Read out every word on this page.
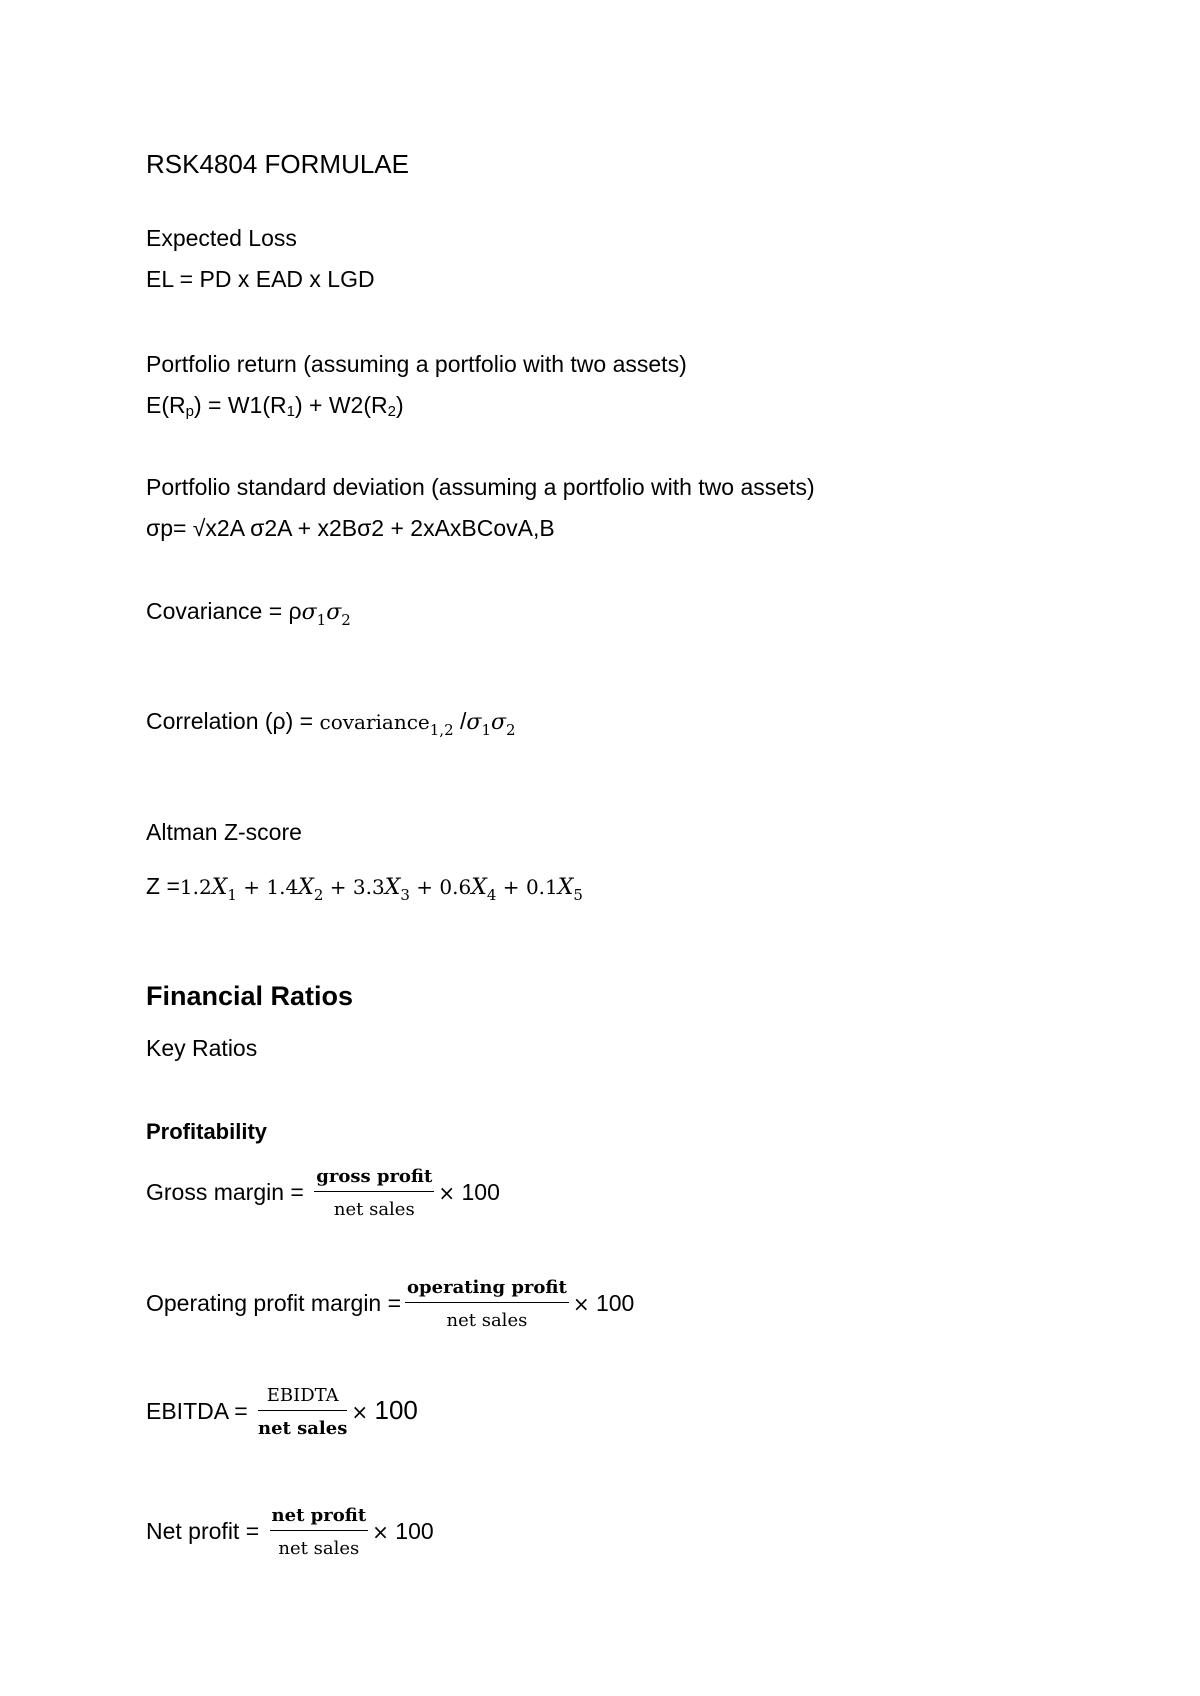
RSK4804 FORMULAE
Expected Loss
EL = PD x EAD x LGD
Portfolio return (assuming a portfolio with two assets)
E(Rp) = W1(R1) + W2(R2)
Portfolio standard deviation (assuming a portfolio with two assets)
σp= √x2A σ2A + x2Bσ2 + 2xAxBCovA,B
Covariance = $\rho\sigma_1\sigma_2$
Correlation (ρ) = covariance$_{1,2}$ $/\sigma_1\sigma_2$
Altman Z-score
$Z =1.2X_1 + 1.4X_2 + 3.3X_3 + 0.6X_4 + 0.1X_5$
Financial Ratios
Key Ratios
Profitability
Gross margin = $\frac{\text{gross profit}}{\text{net sales}} \times 100$
Operating profit margin = $\frac{\text{operating profit}}{\text{net sales}} \times 100$
EBITDA = $\frac{\text{EBIDTA}}{\text{net sales}} \times 100$
Net profit = $\frac{\text{net profit}}{\text{net sales}} \times 100$
